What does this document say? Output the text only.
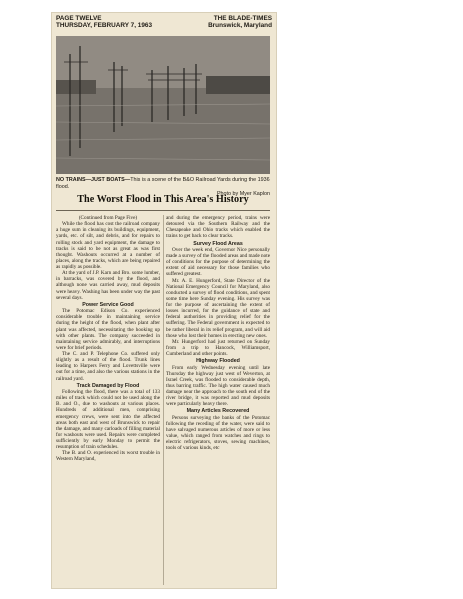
PAGE TWELVE
THURSDAY, FEBRUARY 7, 1963
THE BLADE-TIMES
Brunswick, Maryland
NO TRAINS—JUST BOATS—This is a scene of the B&O Railroad Yards during the 1936 flood.
Photo by Myer Kaplon
The Worst Flood in This Area's History

(Continued from Page Five)

While the flood has cost the railroad company a huge sum in cleaning its buildings, equipment, yards, etc. of silt, and debris, and for repairs to rolling stock and yard equipment, the damage to tracks is said to be not as great as was first thought. Washouts occurred at a number of places, along the tracks, which are being repaired as rapidly as possible.

At the yard of J.P. Karn and Bro. some lumber, in barracks, was covered by the flood, and although none was carried away, mud deposits were heavy. Washing has been under way the past several days.

Power Service Good

The Potomac Edison Co. experienced considerable trouble in maintaining service during the height of the flood, when plant after plant was affected, necessitating the hooking up with other plants. The company succeeded in maintaining service admirably, and interruptions were for brief periods.

The C. and P. Telephone Co. suffered only slightly as a result of the flood. Trunk lines leading to Harpers Ferry and Lovettsville were out for a time, and also the various stations in the railroad yard.

Track Damaged by Flood

Following the flood, there was a total of 133 miles of track which could not be used along the B. and O., due to washouts at various places. Hundreds of additional men, comprising emergency crews, were sent into the affected areas both east and west of Brunswick to repair the damage, and many carloads of filling material for washouts were used. Repairs were completed sufficiently by early Monday to permit the resumption of train schedules.

The B. and O. experienced its worst trouble in Western Maryland,

and during the emergency period, trains were detoured via the Southern Railway and the Chesapeake and Ohio tracks which enabled the trains to get back to clear tracks.

Survey Flood Areas

Over the week end, Governor Nice personally made a survey of the flooded areas and made note of conditions for the purpose of determining the extent of aid necessary for those families who suffered greatest.

Mr. A. E. Hungerford, State Director of the National Emergency Council for Maryland, also conducted a survey of flood conditions, and spent some time here Sunday evening. His survey was for the purpose of ascertaining the extent of losses incurred, for the guidance of state and federal authorities in providing relief for the suffering. The Federal government is expected to be rather liberal in its relief program, and will aid those who lost their homes in erecting new ones.

Mr. Hungerford had just returned on Sunday from a trip to Hancock, Williamsport, Cumberland and other points.

Highway Flooded

From early Wednesday evening until late Thursday the highway just west of Weverton, at Israel Creek, was flooded to considerable depth, thus barring traffic. The high water caused much damage near the approach to the south end of the river bridge, it was reported and mud deposits were particularly heavy there.

Many Articles Recovered

Persons surveying the banks of the Potomac following the receding of the water, were said to have salvaged numerous articles of more or less value, which ranged from watches and rings to electric refrigerators, stoves, sewing machines, tools of various kinds, etc
